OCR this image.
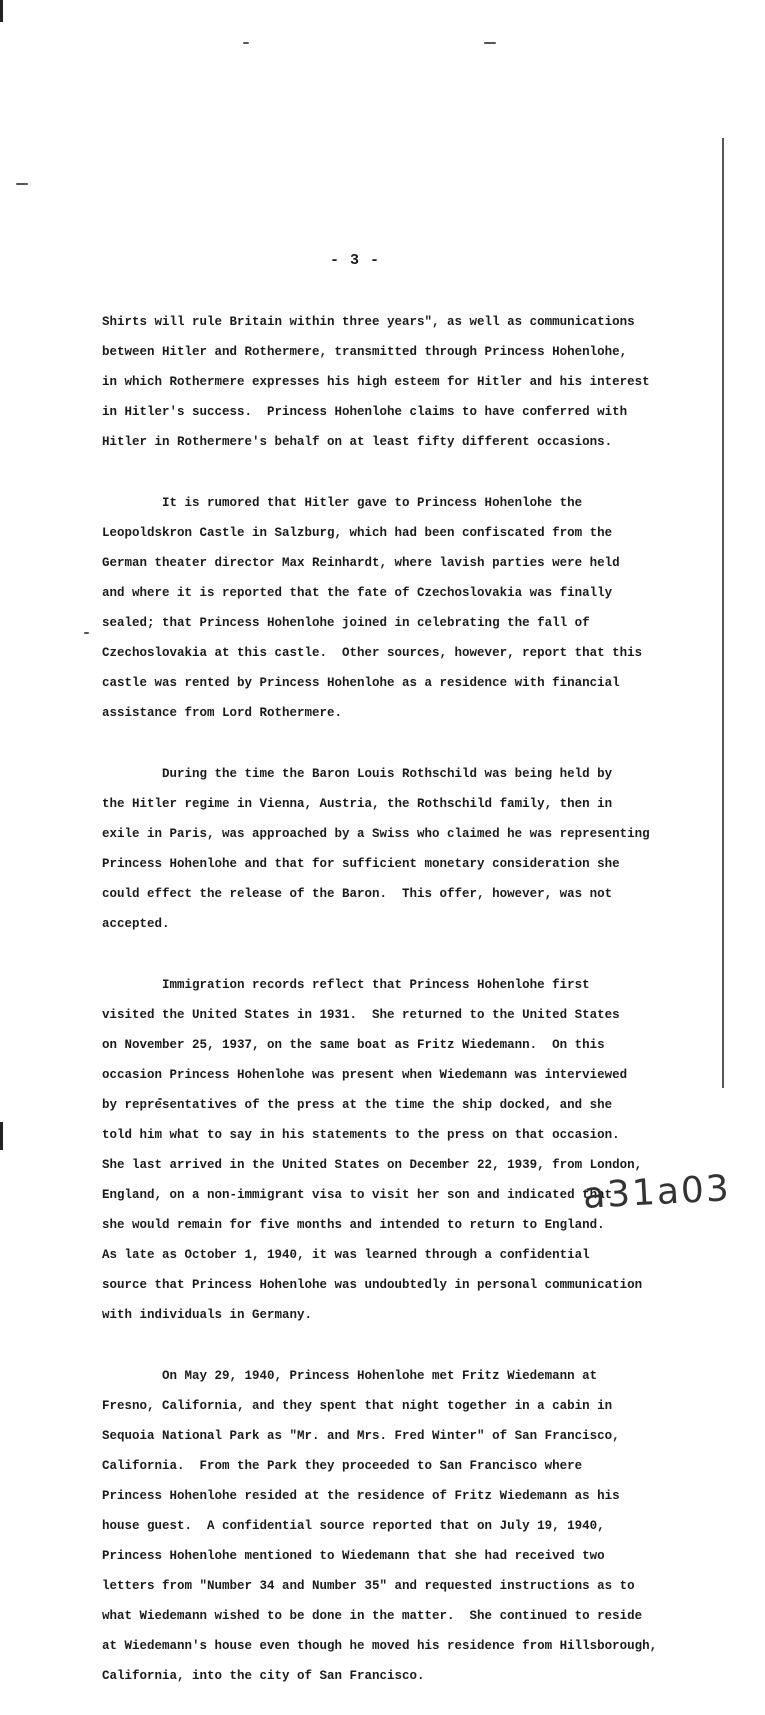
- 3 -

Shirts will rule Britain within three years", as well as communications

between Hitler and Rothermere, transmitted through Princess Hohenlohe,

in which Rothermere expresses his high esteem for Hitler and his interest

in Hitler's success.  Princess Hohenlohe claims to have conferred with

Hitler in Rothermere's behalf on at least fifty different occasions.

It is rumored that Hitler gave to Princess Hohenlohe the

Leopoldskron Castle in Salzburg, which had been confiscated from the

German theater director Max Reinhardt, where lavish parties were held

and where it is reported that the fate of Czechoslovakia was finally

sealed; that Princess Hohenlohe joined in celebrating the fall of

Czechoslovakia at this castle.  Other sources, however, report that this

castle was rented by Princess Hohenlohe as a residence with financial

assistance from Lord Rothermere.

During the time the Baron Louis Rothschild was being held by

the Hitler regime in Vienna, Austria, the Rothschild family, then in

exile in Paris, was approached by a Swiss who claimed he was representing

Princess Hohenlohe and that for sufficient monetary consideration she

could effect the release of the Baron.  This offer, however, was not

accepted.

Immigration records reflect that Princess Hohenlohe first

visited the United States in 1931.  She returned to the United States

on November 25, 1937, on the same boat as Fritz Wiedemann.  On this

occasion Princess Hohenlohe was present when Wiedemann was interviewed

by representatives of the press at the time the ship docked, and she

told him what to say in his statements to the press on that occasion.

She last arrived in the United States on December 22, 1939, from London,

England, on a non-immigrant visa to visit her son and indicated that

she would remain for five months and intended to return to England.

As late as October 1, 1940, it was learned through a confidential

source that Princess Hohenlohe was undoubtedly in personal communication

with individuals in Germany.

On May 29, 1940, Princess Hohenlohe met Fritz Wiedemann at

Fresno, California, and they spent that night together in a cabin in

Sequoia National Park as "Mr. and Mrs. Fred Winter" of San Francisco,

California.  From the Park they proceeded to San Francisco where

Princess Hohenlohe resided at the residence of Fritz Wiedemann as his

house guest.  A confidential source reported that on July 19, 1940,

Princess Hohenlohe mentioned to Wiedemann that she had received two

letters from "Number 34 and Number 35" and requested instructions as to

what Wiedemann wished to be done in the matter.  She continued to reside

at Wiedemann's house even though he moved his residence from Hillsborough,

California, into the city of San Francisco.

a31a03
